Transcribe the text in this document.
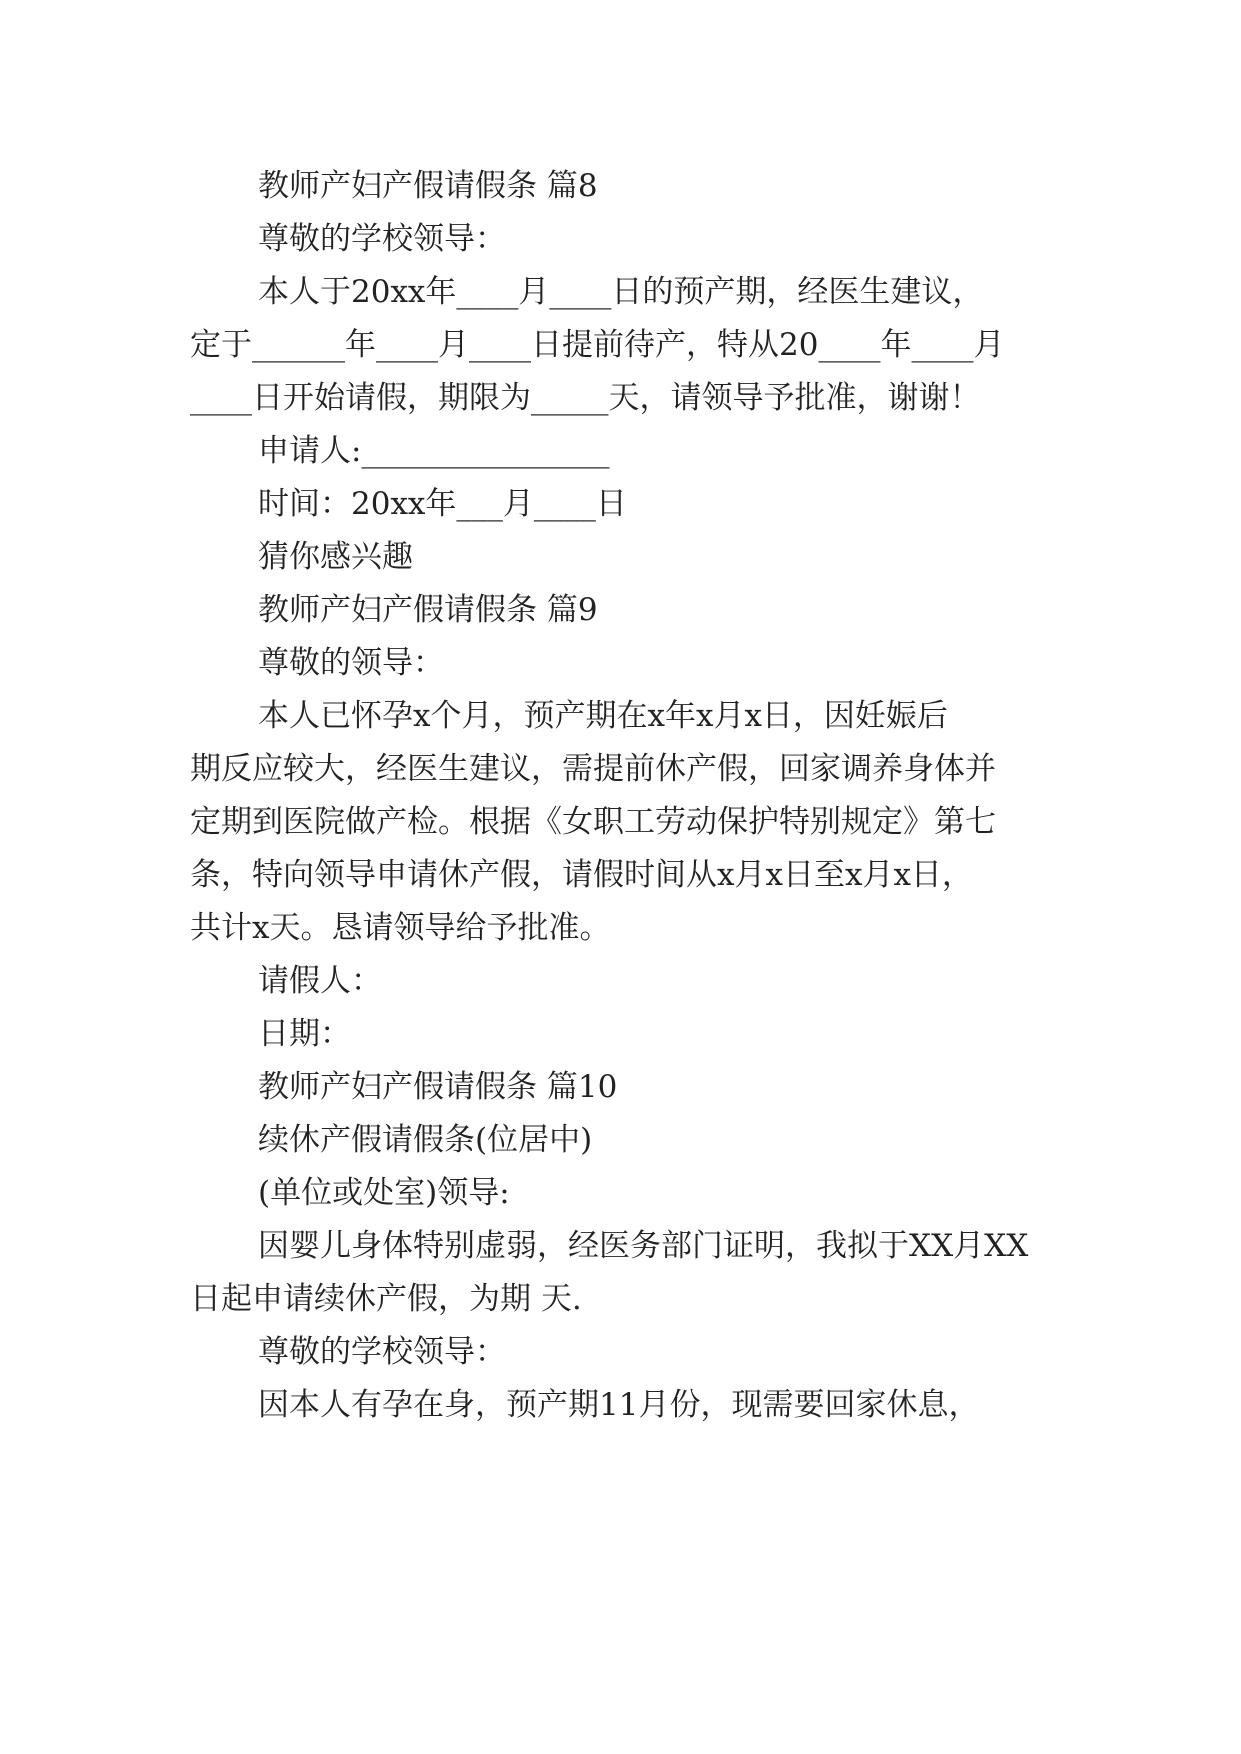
教师产妇产假请假条 篇8
尊敬的学校领导：
本人于20xx年____月____日的预产期，经医生建议，
定于______年____月____日提前待产，特从20____年____月
____日开始请假，期限为_____天，请领导予批准，谢谢！
申请人:________________
时间：20xx年___月____日
猜你感兴趣
教师产妇产假请假条 篇9
尊敬的领导：
本人已怀孕x个月，预产期在x年x月x日，因妊娠后
期反应较大，经医生建议，需提前休产假，回家调养身体并
定期到医院做产检。根据《女职工劳动保护特别规定》第七
条，特向领导申请休产假，请假时间从x月x日至x月x日，
共计x天。恳请领导给予批准。
请假人：
日期：
教师产妇产假请假条 篇10
续休产假请假条(位居中)
(单位或处室)领导:
因婴儿身体特别虚弱，经医务部门证明，我拟于XX月XX
日起申请续休产假，为期 天.
尊敬的学校领导：
因本人有孕在身，预产期11月份，现需要回家休息，
